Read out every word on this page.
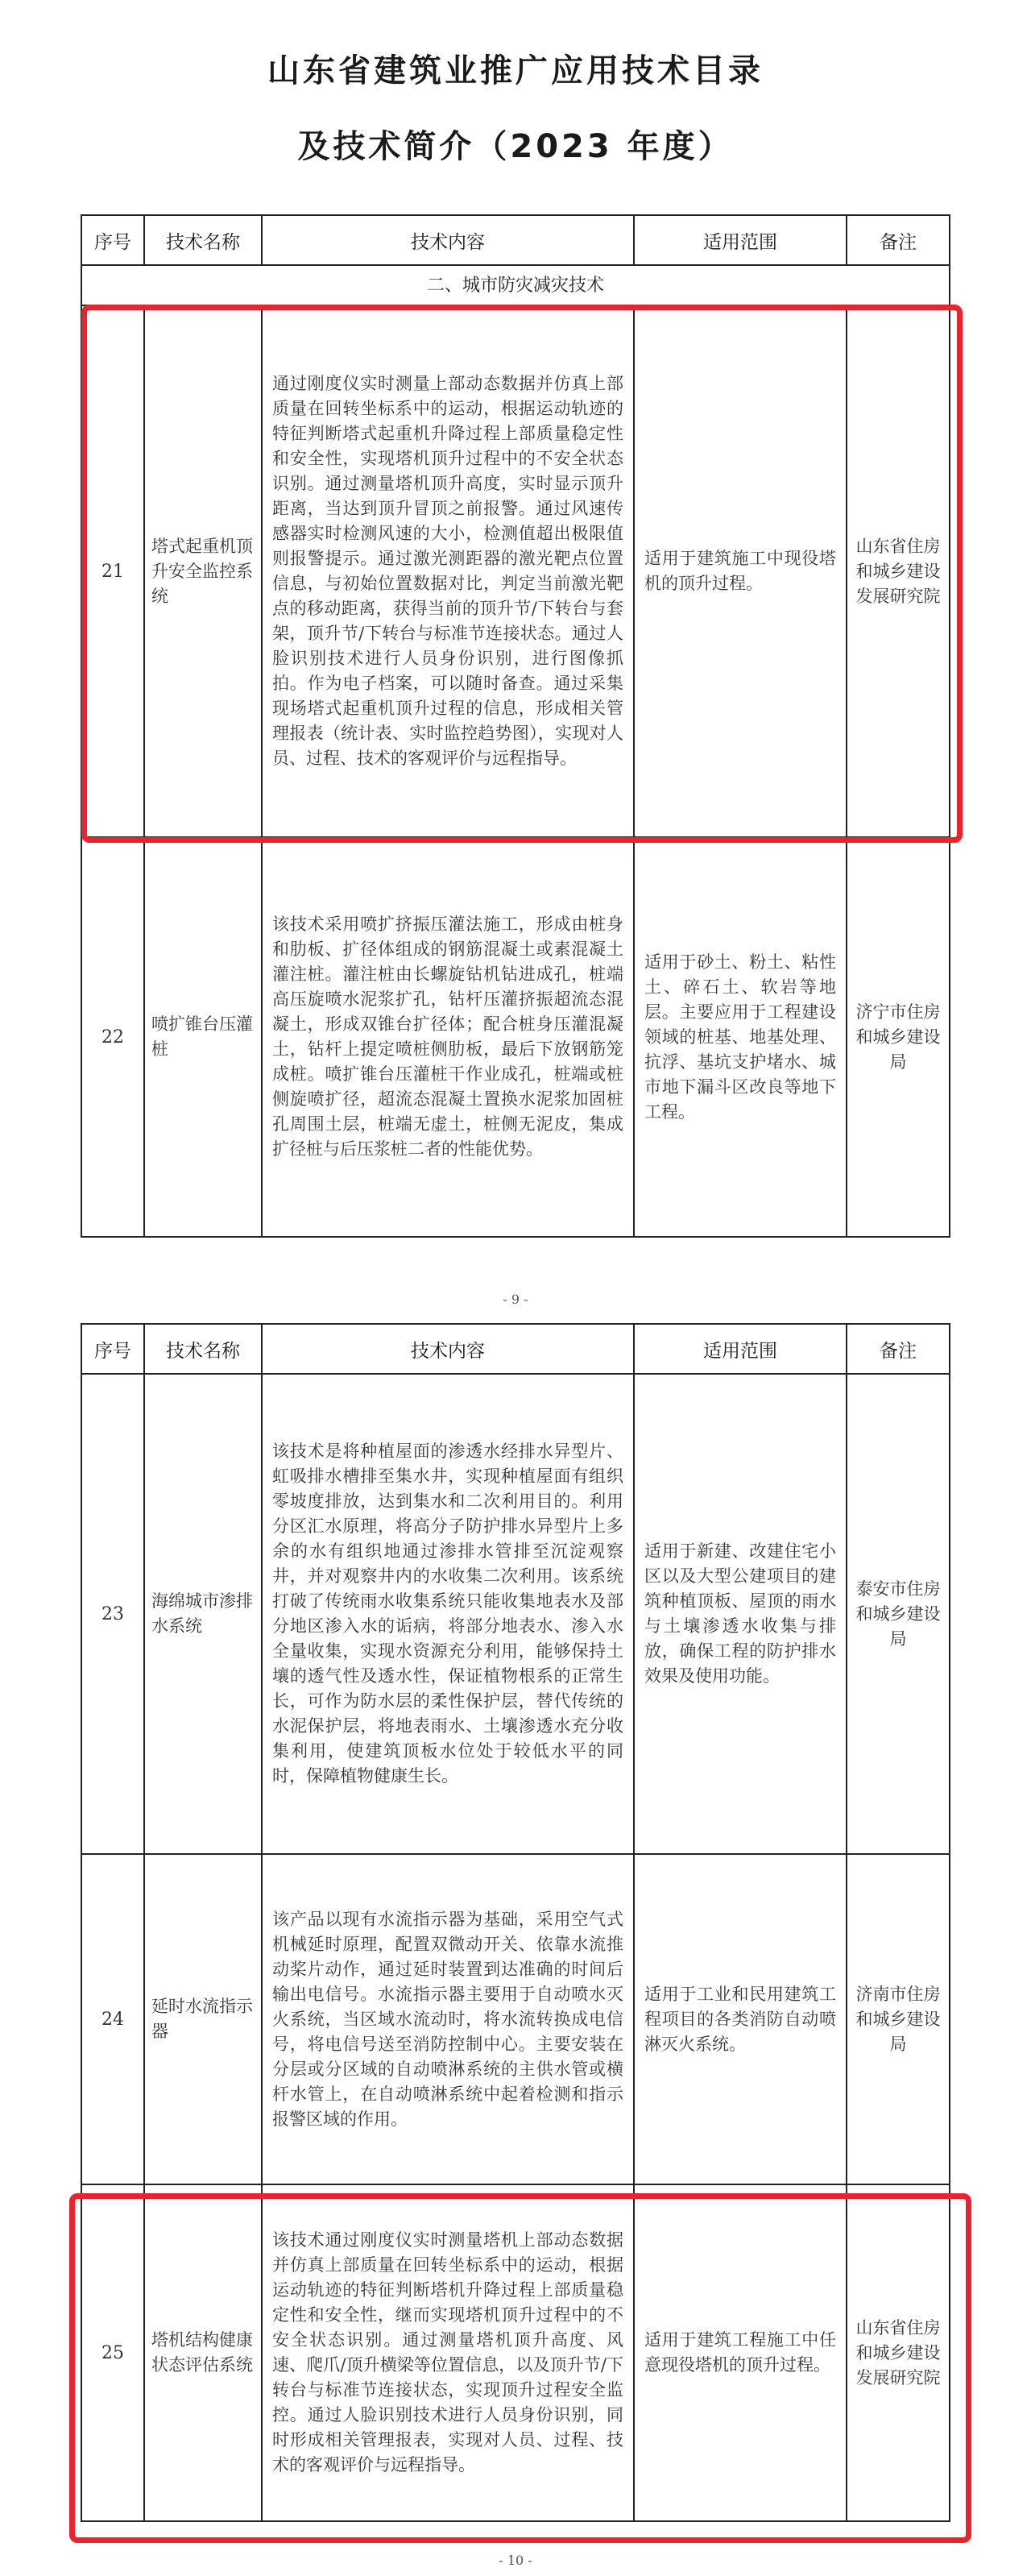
山东省建筑业推广应用技术目录
及技术简介（2023 年度）
序号	技术名称	技术内容	适用范围	备注
二、城市防灾减灾技术				
21	塔式起重机顶升安全监控系统	通过刚度仪实时测量上部动态数据并仿真上部质量在回转坐标系中的运动，根据运动轨迹的特征判断塔式起重机升降过程上部质量稳定性和安全性，实现塔机顶升过程中的不安全状态识别。通过测量塔机顶升高度，实时显示顶升距离，当达到顶升冒顶之前报警。通过风速传感器实时检测风速的大小，检测值超出极限值则报警提示。通过激光测距器的激光靶点位置信息，与初始位置数据对比，判定当前激光靶点的移动距离，获得当前的顶升节/下转台与套架，顶升节/下转台与标准节连接状态。通过人脸识别技术进行人员身份识别，进行图像抓拍。作为电子档案，可以随时备查。通过采集现场塔式起重机顶升过程的信息，形成相关管理报表（统计表、实时监控趋势图），实现对人员、过程、技术的客观评价与远程指导。	适用于建筑施工中现役塔机的顶升过程。	山东省住房和城乡建设发展研究院
22	喷扩锥台压灌桩	该技术采用喷扩挤振压灌法施工，形成由桩身和肋板、扩径体组成的钢筋混凝土或素混凝土灌注桩。灌注桩由长螺旋钻机钻进成孔，桩端高压旋喷水泥浆扩孔，钻杆压灌挤振超流态混凝土，形成双锥台扩径体；配合桩身压灌混凝土，钻杆上提定喷桩侧肋板，最后下放钢筋笼成桩。喷扩锥台压灌桩干作业成孔，桩端或桩侧旋喷扩径，超流态混凝土置换水泥浆加固桩孔周围土层，桩端无虚土，桩侧无泥皮，集成扩径桩与后压浆桩二者的性能优势。	适用于砂土、粉土、粘性土、碎石土、软岩等地层。主要应用于工程建设领域的桩基、地基处理、抗浮、基坑支护堵水、城市地下漏斗区改良等地下工程。	济宁市住房和城乡建设局
- 9 -
序号	技术名称	技术内容	适用范围	备注
23	海绵城市渗排水系统	该技术是将种植屋面的渗透水经排水异型片、虹吸排水槽排至集水井，实现种植屋面有组织零坡度排放，达到集水和二次利用目的。利用分区汇水原理，将高分子防护排水异型片上多余的水有组织地通过渗排水管排至沉淀观察井，并对观察井内的水收集二次利用。该系统打破了传统雨水收集系统只能收集地表水及部分地区渗入水的诟病，将部分地表水、渗入水全量收集，实现水资源充分利用，能够保持土壤的透气性及透水性，保证植物根系的正常生长，可作为防水层的柔性保护层，替代传统的水泥保护层，将地表雨水、土壤渗透水充分收集利用，使建筑顶板水位处于较低水平的同时，保障植物健康生长。	适用于新建、改建住宅小区以及大型公建项目的建筑种植顶板、屋顶的雨水与土壤渗透水收集与排放，确保工程的防护排水效果及使用功能。	泰安市住房和城乡建设局
24	延时水流指示器	该产品以现有水流指示器为基础，采用空气式机械延时原理，配置双微动开关、依靠水流推动桨片动作，通过延时装置到达准确的时间后输出电信号。水流指示器主要用于自动喷水灭火系统，当区域水流动时，将水流转换成电信号，将电信号送至消防控制中心。主要安装在分层或分区域的自动喷淋系统的主供水管或横杆水管上，在自动喷淋系统中起着检测和指示报警区域的作用。	适用于工业和民用建筑工程项目的各类消防自动喷淋灭火系统。	济南市住房和城乡建设局
25	塔机结构健康状态评估系统	该技术通过刚度仪实时测量塔机上部动态数据并仿真上部质量在回转坐标系中的运动，根据运动轨迹的特征判断塔机升降过程上部质量稳定性和安全性，继而实现塔机顶升过程中的不安全状态识别。通过测量塔机顶升高度、风速、爬爪/顶升横梁等位置信息，以及顶升节/下转台与标准节连接状态，实现顶升过程安全监控。通过人脸识别技术进行人员身份识别，同时形成相关管理报表，实现对人员、过程、技术的客观评价与远程指导。	适用于建筑工程施工中任意现役塔机的顶升过程。	山东省住房和城乡建设发展研究院
- 10 -
